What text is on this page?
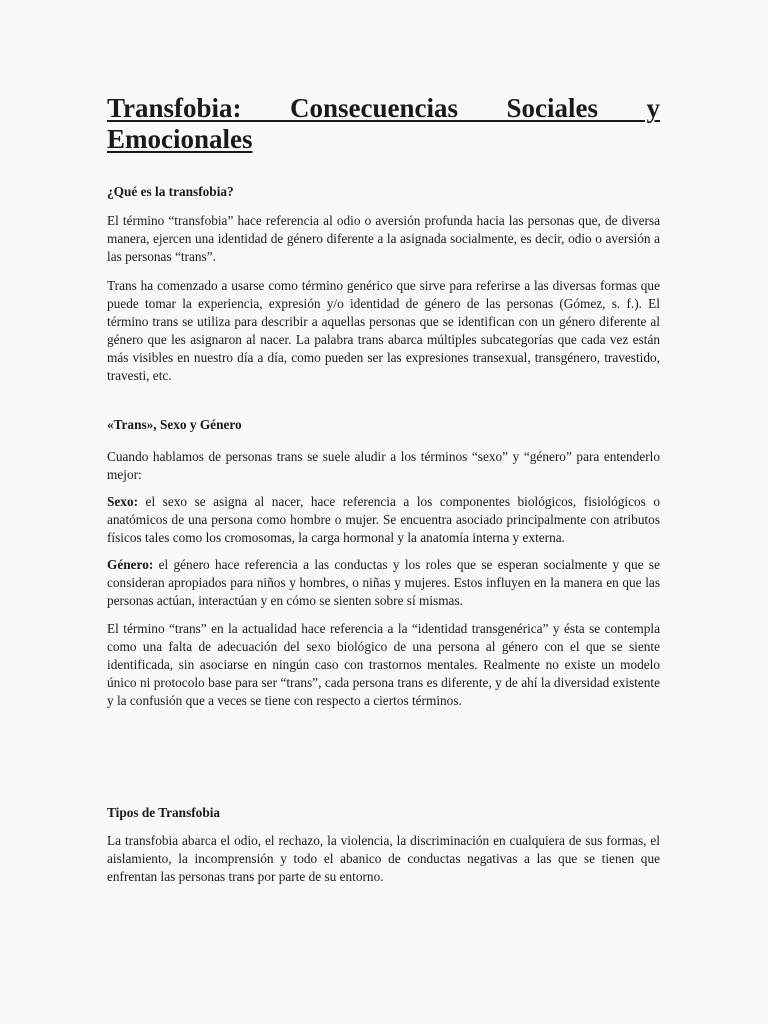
Transfobia: Consecuencias Sociales y
Emocionales
¿Qué es la transfobia?

El término “transfobia” hace referencia al odio o aversión profunda hacia las personas que, de diversa manera, ejercen una identidad de género diferente a la asignada socialmente, es decir, odio o aversión a las personas “trans”.

Trans ha comenzado a usarse como término genérico que sirve para referirse a las diversas formas que puede tomar la experiencia, expresión y/o identidad de género de las personas (Gómez, s. f.). El término trans se utiliza para describir a aquellas personas que se identifican con un género diferente al género que les asignaron al nacer. La palabra trans abarca múltiples subcategorías que cada vez están más visibles en nuestro día a día, como pueden ser las expresiones transexual, transgénero, travestido, travesti, etc.

«Trans», Sexo y Género

Cuando hablamos de personas trans se suele aludir a los términos “sexo” y “género” para entenderlo mejor:

Sexo: el sexo se asigna al nacer, hace referencia a los componentes biológicos, fisiológicos o anatómicos de una persona como hombre o mujer. Se encuentra asociado principalmente con atributos físicos tales como los cromosomas, la carga hormonal y la anatomía interna y externa.

Género: el género hace referencia a las conductas y los roles que se esperan socialmente y que se consideran apropiados para niños y hombres, o niñas y mujeres. Estos influyen en la manera en que las personas actúan, interactúan y en cómo se sienten sobre sí mismas.

El término “trans” en la actualidad hace referencia a la “identidad transgenérica” y ésta se contempla como una falta de adecuación del sexo biológico de una persona al género con el que se siente identificada, sin asociarse en ningún caso con trastornos mentales. Realmente no existe un modelo único ni protocolo base para ser “trans”, cada persona trans es diferente, y de ahí la diversidad existente y la confusión que a veces se tiene con respecto a ciertos términos.

Tipos de Transfobia

La transfobia abarca el odio, el rechazo, la violencia, la discriminación en cualquiera de sus formas, el aislamiento, la incomprensión y todo el abanico de conductas negativas a las que se tienen que enfrentan las personas trans por parte de su entorno.
